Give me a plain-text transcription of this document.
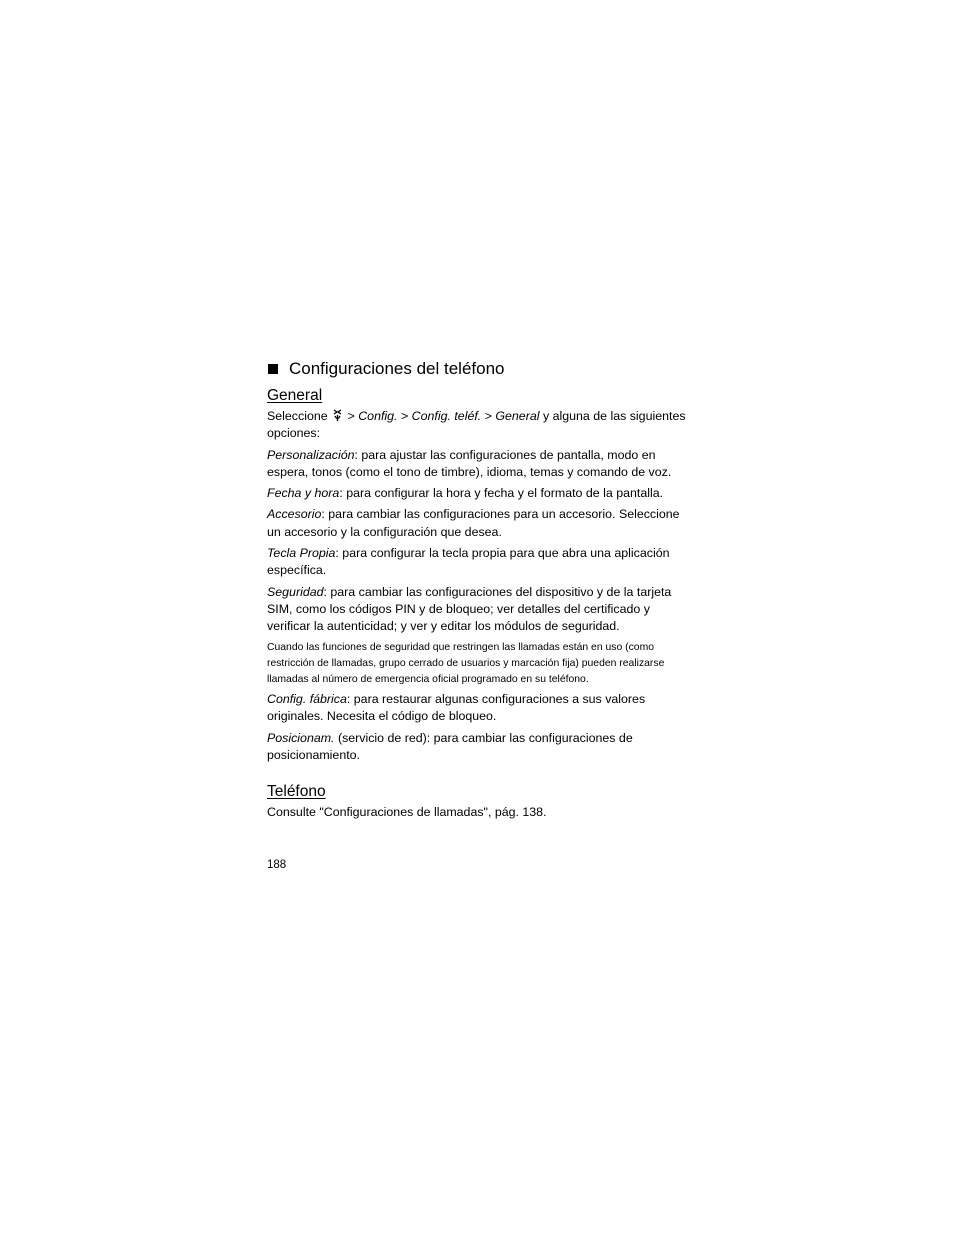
Configuraciones del teléfono
General

Seleccione > Config. > Config. teléf. > General y alguna de las siguientes opciones:

Personalización: para ajustar las configuraciones de pantalla, modo en espera, tonos (como el tono de timbre), idioma, temas y comando de voz.

Fecha y hora: para configurar la hora y fecha y el formato de la pantalla.

Accesorio: para cambiar las configuraciones para un accesorio. Seleccione un accesorio y la configuración que desea.

Tecla Propia: para configurar la tecla propia para que abra una aplicación específica.

Seguridad: para cambiar las configuraciones del dispositivo y de la tarjeta SIM, como los códigos PIN y de bloqueo; ver detalles del certificado y verificar la autenticidad; y ver y editar los módulos de seguridad.

Cuando las funciones de seguridad que restringen las llamadas están en uso (como restricción de llamadas, grupo cerrado de usuarios y marcación fija) pueden realizarse llamadas al número de emergencia oficial programado en su teléfono.

Config. fábrica: para restaurar algunas configuraciones a sus valores originales. Necesita el código de bloqueo.

Posicionam. (servicio de red): para cambiar las configuraciones de posicionamiento.

Teléfono

Consulte "Configuraciones de llamadas", pág. 138.

188
